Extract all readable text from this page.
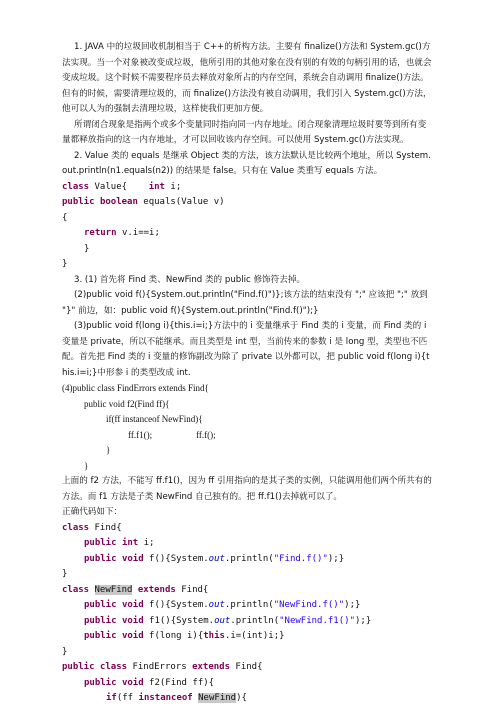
1. JAVA 中的垃圾回收机制相当于 C++的析构方法。主要有 finalize()方法和 System.gc()方法实现。当一个对象被改变成垃圾，他所引用的其他对象在没有别的有效的句柄引用的话，也就会变成垃圾。这个时候不需要程序员去释放对象所占的内存空间，系统会自动调用 finalize()方法。但有的时候，需要清理垃圾的，而 finalize()方法没有被自动调用，我们引入 System.gc()方法，他可以人为的强制去清理垃圾，这样使我们更加方便。

所谓闭合现象是指两个或多个变量同时指向同一内存地址。闭合现象清理垃圾时要等到所有变量都释放指向的这一内存地址，才可以回收该内存空间。可以使用 System.gc()方法实现。

2. Value 类的 equals 是继承 Object 类的方法，该方法默认是比较两个地址，所以 System.out.println(n1.equals(n2)) 的结果是 false。只有在 Value 类重写 equals 方法。

class Value{ int i;
public boolean equals(Value v)
{
return v.i==i;
}
}

3. (1) 首先将 Find 类、NewFind 类的 public 修饰符去掉。

(2)public void f(){System.out.println("Find.f()")};该方法的结束没有 ";" 应该把 ";" 放到 "}" 前边，如：public void f(){System.out.println("Find.f()");}

(3)public void f(long i){this.i=i;}方法中的 i 变量继承于 Find 类的 i 变量，而 Find 类的 i 变量是 private，所以不能继承。而且类型是 int 型，当前传来的参数 i 是 long 型，类型也不匹配。首先把 Find 类的 i 变量的修饰副改为除了 private 以外都可以，把 public void f(long i){this.i=i;}中形参 i 的类型改成 int.

(4)public class FindErrors extends Find{

public void f2(Find ff){

if(ff instanceof NewFind){

ff.f1();	ff.f();

}

}

上面的 f2 方法，不能写 ff.f1()，因为 ff 引用指向的是其子类的实例，只能调用他们两个所共有的方法。而 f1 方法是子类 NewFind 自己独有的。把 ff.f1()去掉就可以了。

正确代码如下：

class Find{
public int i;
public void f(){System.out.println("Find.f()");}
}
class NewFind extends Find{
public void f(){System.out.println("NewFind.f()");}
public void f1(){System.out.println("NewFind.f1()");}
public void f(long i){this.i=(int)i;}
}
public class FindErrors extends Find{
public void f2(Find ff){
if(ff instanceof NewFind){
